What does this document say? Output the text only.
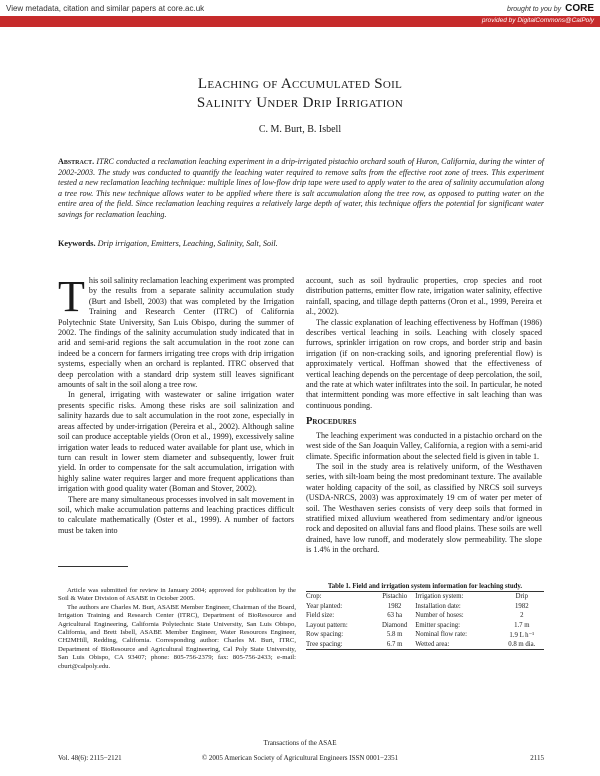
View metadata, citation and similar papers at core.ac.uk	brought to you by CORE
provided by DigitalCommons@CalPoly
Leaching of Accumulated Soil
Salinity Under Drip Irrigation
C. M. Burt, B. Isbell
Abstract. ITRC conducted a reclamation leaching experiment in a drip-irrigated pistachio orchard south of Huron, California, during the winter of 2002-2003. The study was conducted to quantify the leaching water required to remove salts from the effective root zone of trees. This experiment tested a new reclamation leaching technique: multiple lines of low-flow drip tape were used to apply water to the area of salinity accumulation along a tree row. This new technique allows water to be applied where there is salt accumulation along the tree row, as opposed to putting water on the entire area of the field. Since reclamation leaching requires a relatively large depth of water, this technique offers the potential for significant water savings for reclamation leaching.
Keywords. Drip irrigation, Emitters, Leaching, Salinity, Salt, Soil.

This soil salinity reclamation leaching experiment was prompted by the results from a separate salinity accumulation study (Burt and Isbell, 2003) that was completed by the Irrigation Training and Research Center (ITRC) of California Polytechnic State University, San Luis Obispo, during the summer of 2002. The findings of the salinity accumulation study indicated that in arid and semi-arid regions the salt accumulation in the root zone can indeed be a concern for farmers irrigating tree crops with drip irrigation systems, especially when an orchard is replanted. ITRC observed that deep percolation with a standard drip system still leaves significant amounts of salt in the soil along a tree row.

In general, irrigating with wastewater or saline irrigation water presents specific risks. Among these risks are soil salinization and salinity hazards due to salt accumulation in the root zone, especially in areas affected by under-irrigation (Pereira et al., 2002). Although saline soil can produce acceptable yields (Oron et al., 1999), excessively saline irrigation water leads to reduced water available for plant use, which in turn can result in lower stem diameter and subsequently, lower fruit yield. In order to compensate for the salt accumulation, irrigation with highly saline water requires larger and more frequent applications than irrigation with good quality water (Boman and Stover, 2002).

There are many simultaneous processes involved in salt movement in soil, which make accumulation patterns and leaching practices difficult to calculate mathematically (Oster et al., 1999). A number of factors must be taken into

Article was submitted for review in January 2004; approved for publication by the Soil & Water Division of ASABE in October 2005.

The authors are Charles M. Burt, ASABE Member Engineer, Chairman of the Board, Irrigation Training and Research Center (ITRC), Department of BioResource and Agricultural Engineering, California Polytechnic State University, San Luis Obispo, California, and Brett Isbell, ASABE Member Engineer, Water Resources Engineer, CH2MHill, Redding, California. Corresponding author: Charles M. Burt, ITRC, Department of BioResource and Agricultural Engineering, Cal Poly State University, San Luis Obispo, CA 93407; phone: 805-756-2379; fax: 805-756-2433; e-mail: cburt@calpoly.edu.

account, such as soil hydraulic properties, crop species and root distribution patterns, emitter flow rate, irrigation water salinity, effective rainfall, spacing, and tillage depth patterns (Oron et al., 1999, Pereira et al., 2002).

The classic explanation of leaching effectiveness by Hoffman (1986) describes vertical leaching in soils. Leaching with closely spaced furrows, sprinkler irrigation on row crops, and border strip and basin irrigation (if on non-cracking soils, and ignoring preferential flow) is approximately vertical. Hoffman showed that the effectiveness of vertical leaching depends on the percentage of deep percolation, the soil, and the rate at which water infiltrates into the soil. In particular, he noted that intermittent ponding was more effective in salt leaching than was continuous ponding.

Procedures

The leaching experiment was conducted in a pistachio orchard on the west side of the San Joaquin Valley, California, a region with a semi-arid climate. Specific information about the selected field is given in table 1.

The soil in the study area is relatively uniform, of the Westhaven series, with silt-loam being the most predominant texture. The available water holding capacity of the soil, as classified by NRCS soil surveys (USDA-NRCS, 2003) was approximately 19 cm of water per meter of soil. The Westhaven series consists of very deep soils that formed in stratified mixed alluvium weathered from sedimentary and/or igneous rock and deposited on alluvial fans and flood plains. These soils are well drained, have low runoff, and moderately slow permeability. The slope is 1.4% in the orchard.

Table 1. Field and irrigation system information for leaching study.
Crop:	Pistachio	Irrigation system:	Drip
Year planted:	1982	Installation date:	1982
Field size:	63 ha	Number of hoses:	2
Layout pattern:	Diamond	Emitter spacing:	1.7 m
Row spacing:	5.8 m	Nominal flow rate:	1.9 L h⁻¹
Tree spacing:	6.7 m	Wetted area:	0.8 m dia.
Transactions of the ASAE
Vol. 48(6): 2115−2121	© 2005 American Society of Agricultural Engineers ISSN 0001−2351	2115
